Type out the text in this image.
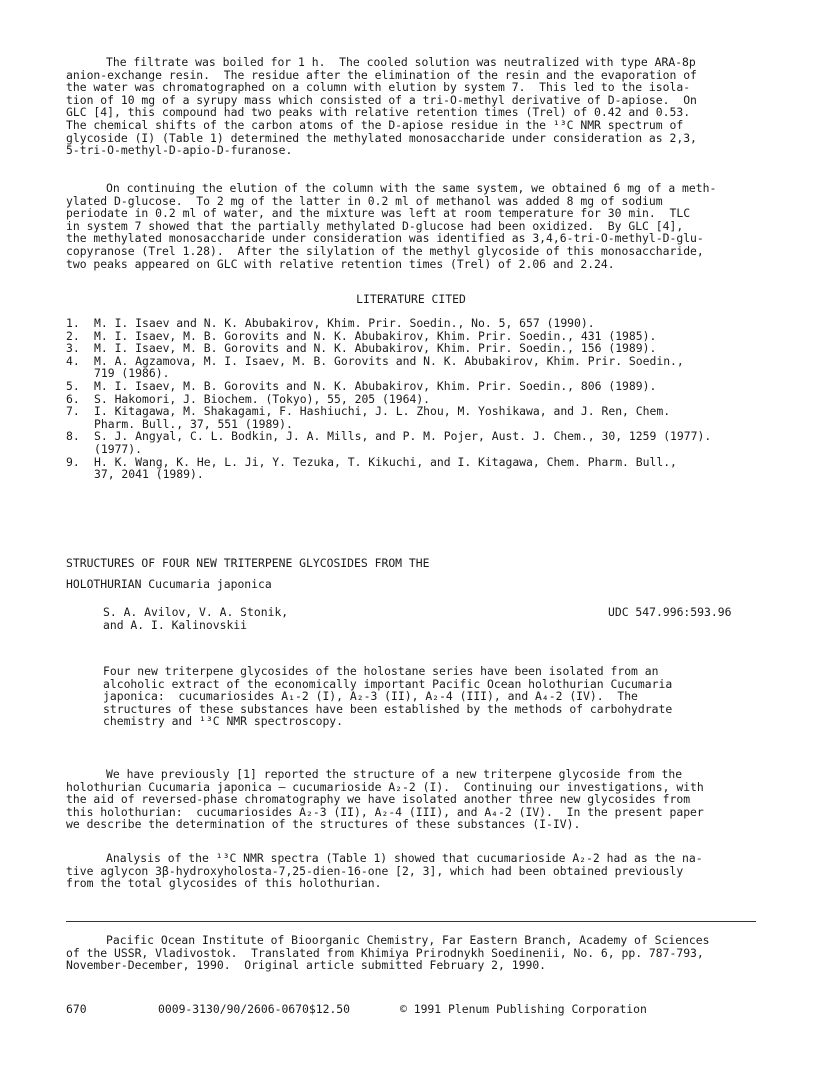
The filtrate was boiled for 1 h.  The cooled solution was neutralized with type ARA-8p
anion-exchange resin.  The residue after the elimination of the resin and the evaporation of
the water was chromatographed on a column with elution by system 7.  This led to the isola-
tion of 10 mg of a syrupy mass which consisted of a tri-O-methyl derivative of D-apiose.  On
GLC [4], this compound had two peaks with relative retention times (Trel) of 0.42 and 0.53.
The chemical shifts of the carbon atoms of the D-apiose residue in the ¹³C NMR spectrum of
glycoside (I) (Table 1) determined the methylated monosaccharide under consideration as 2,3,
5-tri-O-methyl-D-apio-D-furanose.
On continuing the elution of the column with the same system, we obtained 6 mg of a meth-
ylated D-glucose.  To 2 mg of the latter in 0.2 ml of methanol was added 8 mg of sodium
periodate in 0.2 ml of water, and the mixture was left at room temperature for 30 min.  TLC
in system 7 showed that the partially methylated D-glucose had been oxidized.  By GLC [4],
the methylated monosaccharide under consideration was identified as 3,4,6-tri-O-methyl-D-glu-
copyranose (Trel 1.28).  After the silylation of the methyl glycoside of this monosaccharide,
two peaks appeared on GLC with relative retention times (Trel) of 2.06 and 2.24.
LITERATURE CITED
1.	M. I. Isaev and N. K. Abubakirov, Khim. Prir. Soedin., No. 5, 657 (1990).
2.	M. I. Isaev, M. B. Gorovits and N. K. Abubakirov, Khim. Prir. Soedin., 431 (1985).
3.	M. I. Isaev, M. B. Gorovits and N. K. Abubakirov, Khim. Prir. Soedin., 156 (1989).
4.	M. A. Agzamova, M. I. Isaev, M. B. Gorovits and N. K. Abubakirov, Khim. Prir. Soedin.,
719 (1986).
5.	M. I. Isaev, M. B. Gorovits and N. K. Abubakirov, Khim. Prir. Soedin., 806 (1989).
6.	S. Hakomori, J. Biochem. (Tokyo), 55, 205 (1964).
7.	I. Kitagawa, M. Shakagami, F. Hashiuchi, J. L. Zhou, M. Yoshikawa, and J. Ren, Chem.
Pharm. Bull., 37, 551 (1989).
8.	S. J. Angyal, C. L. Bodkin, J. A. Mills, and P. M. Pojer, Aust. J. Chem., 30, 1259 (1977).
(1977).
9.	H. K. Wang, K. He, L. Ji, Y. Tezuka, T. Kikuchi, and I. Kitagawa, Chem. Pharm. Bull.,
37, 2041 (1989).
STRUCTURES OF FOUR NEW TRITERPENE GLYCOSIDES FROM THE
HOLOTHURIAN Cucumaria japonica
S. A. Avilov, V. A. Stonik,
and A. I. Kalinovskii
UDC 547.996:593.96
Four new triterpene glycosides of the holostane series have been isolated from an
alcoholic extract of the economically important Pacific Ocean holothurian Cucumaria
japonica:  cucumariosides A₁-2 (I), A₂-3 (II), A₂-4 (III), and A₄-2 (IV).  The
structures of these substances have been established by the methods of carbohydrate
chemistry and ¹³C NMR spectroscopy.
We have previously [1] reported the structure of a new triterpene glycoside from the
holothurian Cucumaria japonica — cucumarioside A₂-2 (I).  Continuing our investigations, with
the aid of reversed-phase chromatography we have isolated another three new glycosides from
this holothurian:  cucumariosides A₂-3 (II), A₂-4 (III), and A₄-2 (IV).  In the present paper
we describe the determination of the structures of these substances (I-IV).
Analysis of the ¹³C NMR spectra (Table 1) showed that cucumarioside A₂-2 had as the na-
tive aglycon 3β-hydroxyholosta-7,25-dien-16-one [2, 3], which had been obtained previously
from the total glycosides of this holothurian.
Pacific Ocean Institute of Bioorganic Chemistry, Far Eastern Branch, Academy of Sciences
of the USSR, Vladivostok.  Translated from Khimiya Prirodnykh Soedinenii, No. 6, pp. 787-793,
November-December, 1990.  Original article submitted February 2, 1990.

670

	0009-3130/90/2606-0670$12.50

	© 1991 Plenum Publishing Corporation
